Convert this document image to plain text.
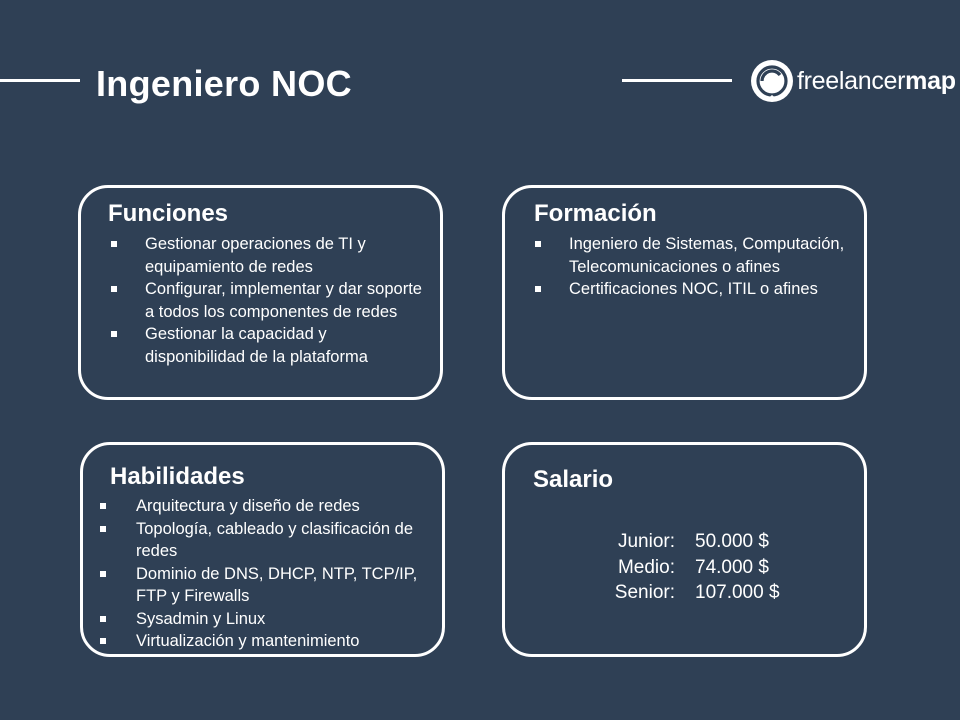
Ingeniero NOC	freelancermap
Funciones
Gestionar operaciones de TI y equipamiento de redes
Configurar, implementar y dar soporte a todos los componentes de redes
Gestionar la capacidad y disponibilidad de la plataforma
Formación
Ingeniero de Sistemas, Computación, Telecomunicaciones o afines
Certificaciones NOC, ITIL o afines
Habilidades
Arquitectura y diseño de redes
Topología, cableado y clasificación de redes
Dominio de DNS, DHCP, NTP, TCP/IP, FTP y Firewalls
Sysadmin y Linux
Virtualización y mantenimiento
Salario
Junior: 50.000 $
Medio: 74.000 $
Senior: 107.000 $
